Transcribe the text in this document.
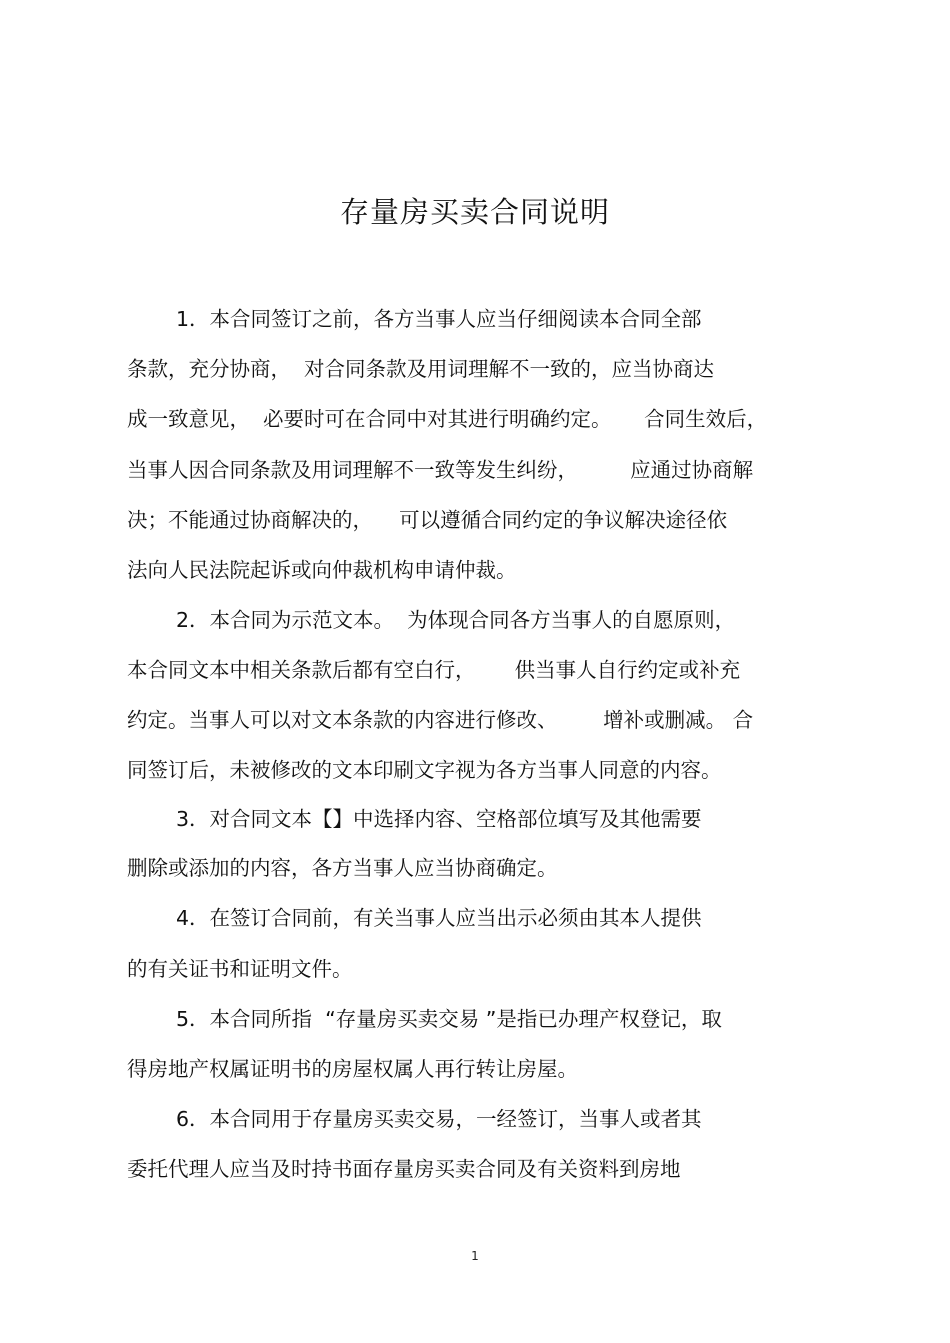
存量房买卖合同说明
1．本合同签订之前，各方当事人应当仔细阅读本合同全部
条款，充分协商，  对合同条款及用词理解不一致的，应当协商达
成一致意见，  必要时可在合同中对其进行明确约定。     合同生效后，
当事人因合同条款及用词理解不一致等发生纠纷，        应通过协商解
决；不能通过协商解决的，    可以遵循合同约定的争议解决途径依
法向人民法院起诉或向仲裁机构申请仲裁。
2．本合同为示范文本。  为体现合同各方当事人的自愿原则，
本合同文本中相关条款后都有空白行，      供当事人自行约定或补充
约定。当事人可以对文本条款的内容进行修改、       增补或删减。 合
同签订后，未被修改的文本印刷文字视为各方当事人同意的内容。
3．对合同文本【】中选择内容、空格部位填写及其他需要
删除或添加的内容，各方当事人应当协商确定。
4．在签订合同前，有关当事人应当出示必须由其本人提供
的有关证书和证明文件。
5．本合同所指  “存量房买卖交易 ”是指已办理产权登记，取
得房地产权属证明书的房屋权属人再行转让房屋。
6．本合同用于存量房买卖交易，一经签订，当事人或者其
委托代理人应当及时持书面存量房买卖合同及有关资料到房地
1
